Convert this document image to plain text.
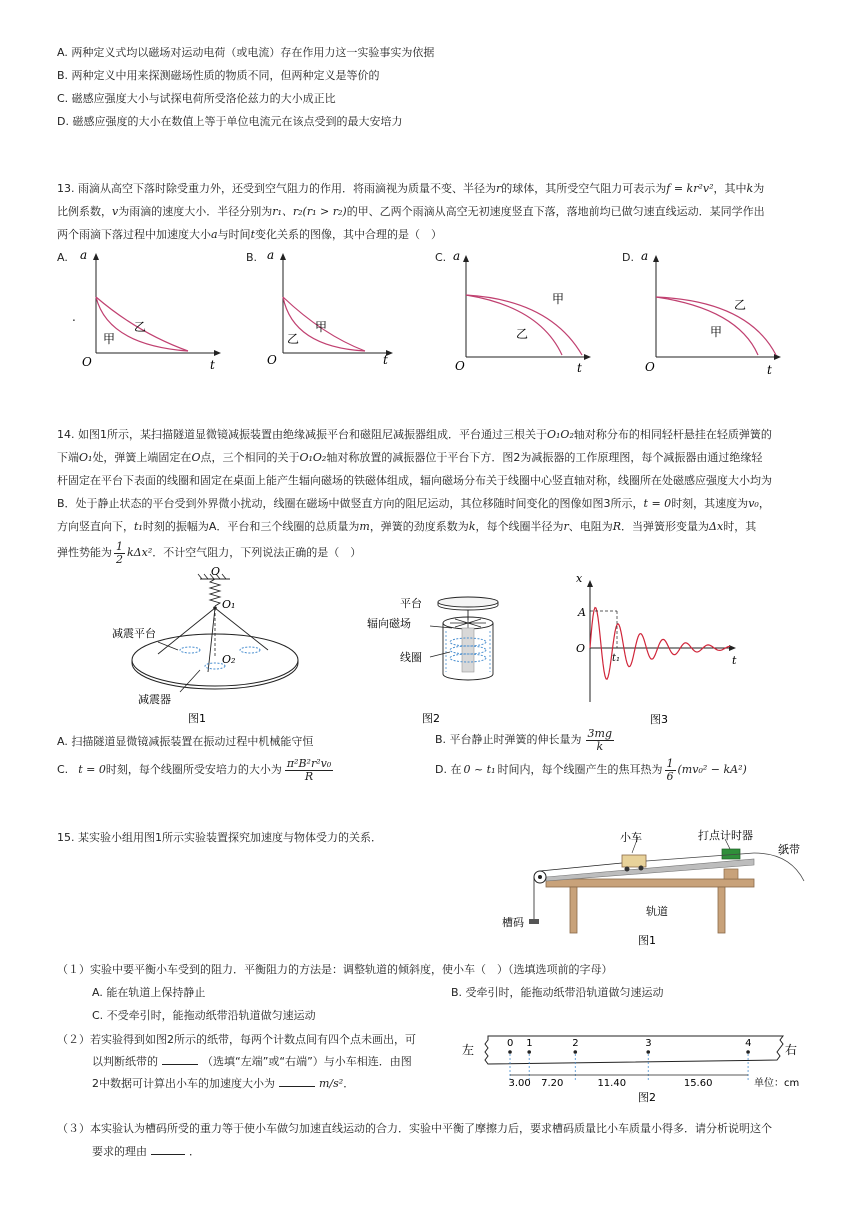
A. 两种定义式均以磁场对运动电荷（或电流）存在作用力这一实验事实为依据
B. 两种定义中用来探测磁场性质的物质不同，但两种定义是等价的
C. 磁感应强度大小与试探电荷所受洛伦兹力的大小成正比
D. 磁感应强度的大小在数值上等于单位电流元在该点受到的最大安培力
13. 雨滴从高空下落时除受重力外，还受到空气阻力的作用．将雨滴视为质量不变、半径为r的球体，其所受空气阻力可表示为f = kr²v²，其中k为
比例系数，v为雨滴的速度大小．半径分别为r₁、r₂(r₁ > r₂)的甲、乙两个雨滴从高空无初速度竖直下落，落地前均已做匀速直线运动．某同学作出
两个雨滴下落过程中加速度大小a与时间t变化关系的图像，其中合理的是（　）
A.
.
a
t
O
乙
甲
B. a
t
O
甲
乙
C. a
t
O
甲
乙
D. a
t
O
乙
甲
14. 如图1所示，某扫描隧道显微镜减振装置由绝缘减振平台和磁阻尼减振器组成．平台通过三根关于O₁O₂轴对称分布的相同轻杆悬挂在轻质弹簧的
下端O₁处，弹簧上端固定在O点，三个相同的关于O₁O₂轴对称放置的减振器位于平台下方．图2为减振器的工作原理图，每个减振器由通过绝缘轻
杆固定在平台下表面的线圈和固定在桌面上能产生辐向磁场的铁磁体组成，辐向磁场分布关于线圈中心竖直轴对称，线圈所在处磁感应强度大小均为
B．处于静止状态的平台受到外界微小扰动，线圈在磁场中做竖直方向的阻尼运动，其位移随时间变化的图像如图3所示，t = 0时刻，其速度为v₀，
方向竖直向下，t₁时刻的振幅为A．平台和三个线圈的总质量为m，弹簧的劲度系数为k，每个线圈半径为r、电阻为R．当弹簧形变量为Δx时，其
弹性势能为 1
2 kΔx² ．不计空气阻力，下列说法正确的是（　）
O
O₁
O₂
减震平台
减震器
图1
平台
辐向磁场
线圈
图2
x
A
O
t₁	t
图3
A. 扫描隧道显微镜减振装置在振动过程中机械能守恒	B. 平台静止时弹簧的伸长量为 3mg
k
C. t = 0 时刻，每个线圈所受安培力的大小为 π²B²r²v₀
R	D. 在 0 ~ t₁ 时间内，每个线圈产生的焦耳热为 1
6 (mv₀² − kA²)
15. 某实验小组用图1所示实验装置探究加速度与物体受力的关系．	小车	打点计时器
纸带
槽码
轨道
图1
（１）实验中要平衡小车受到的阻力．平衡阻力的方法是：调整轨道的倾斜度，使小车（　）（选填选项前的字母）
A. 能在轨道上保持静止	B. 受牵引时，能拖动纸带沿轨道做匀速运动
C. 不受牵引时，能拖动纸带沿轨道做匀速运动
（２）若实验得到如图2所示的纸带，每两个计数点间有四个点未画出，可
以判断纸带的	（选填“左端”或“右端”）与小车相连．由图
2中数据可计算出小车的加速度大小为	m/s²．
0 1	2	3	4
3.00 7.20	11.40	15.60
左	右
单位：cm
图2
（３）本实验认为槽码所受的重力等于使小车做匀加速直线运动的合力．实验中平衡了摩擦力后，要求槽码质量比小车质量小得多．请分析说明这个
要求的理由	．
